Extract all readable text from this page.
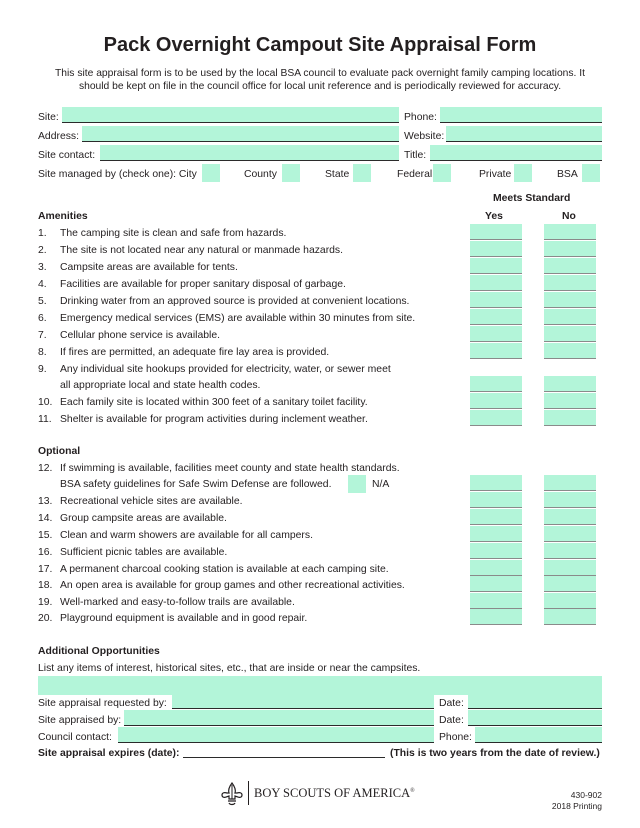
Pack Overnight Campout Site Appraisal Form
This site appraisal form is to be used by the local BSA council to evaluate pack overnight family camping locations. It
should be kept on file in the council office for local unit reference and is periodically reviewed for accuracy.
Site:	Phone:
Address:	Website:
Site contact:	Title:
Site managed by (check one): City	County	State	Federal	Private	BSA
Meets Standard
Yes	No
Amenities
1. The camping site is clean and safe from hazards.
2. The site is not located near any natural or manmade hazards.
3. Campsite areas are available for tents.
4. Facilities are available for proper sanitary disposal of garbage.
5. Drinking water from an approved source is provided at convenient locations.
6. Emergency medical services (EMS) are available within 30 minutes from site.
7. Cellular phone service is available.
8. If fires are permitted, an adequate fire lay area is provided.
9. Any individual site hookups provided for electricity, water, or sewer meet
all appropriate local and state health codes.
10. Each family site is located within 300 feet of a sanitary toilet facility.
11. Shelter is available for program activities during inclement weather.
Optional
12. If swimming is available, facilities meet county and state health standards.
BSA safety guidelines for Safe Swim Defense are followed.	N/A
13. Recreational vehicle sites are available.
14. Group campsite areas are available.
15. Clean and warm showers are available for all campers.
16. Sufficient picnic tables are available.
17. A permanent charcoal cooking station is available at each camping site.
18. An open area is available for group games and other recreational activities.
19. Well-marked and easy-to-follow trails are available.
20. Playground equipment is available and in good repair.
Additional Opportunities
List any items of interest, historical sites, etc., that are inside or near the campsites.
Site appraisal requested by:	Date:
Site appraised by:	Date:
Council contact:	Phone:
Site appraisal expires (date):	(This is two years from the date of review.)
BOY SCOUTS OF AMERICA®	430-902
2018 Printing
